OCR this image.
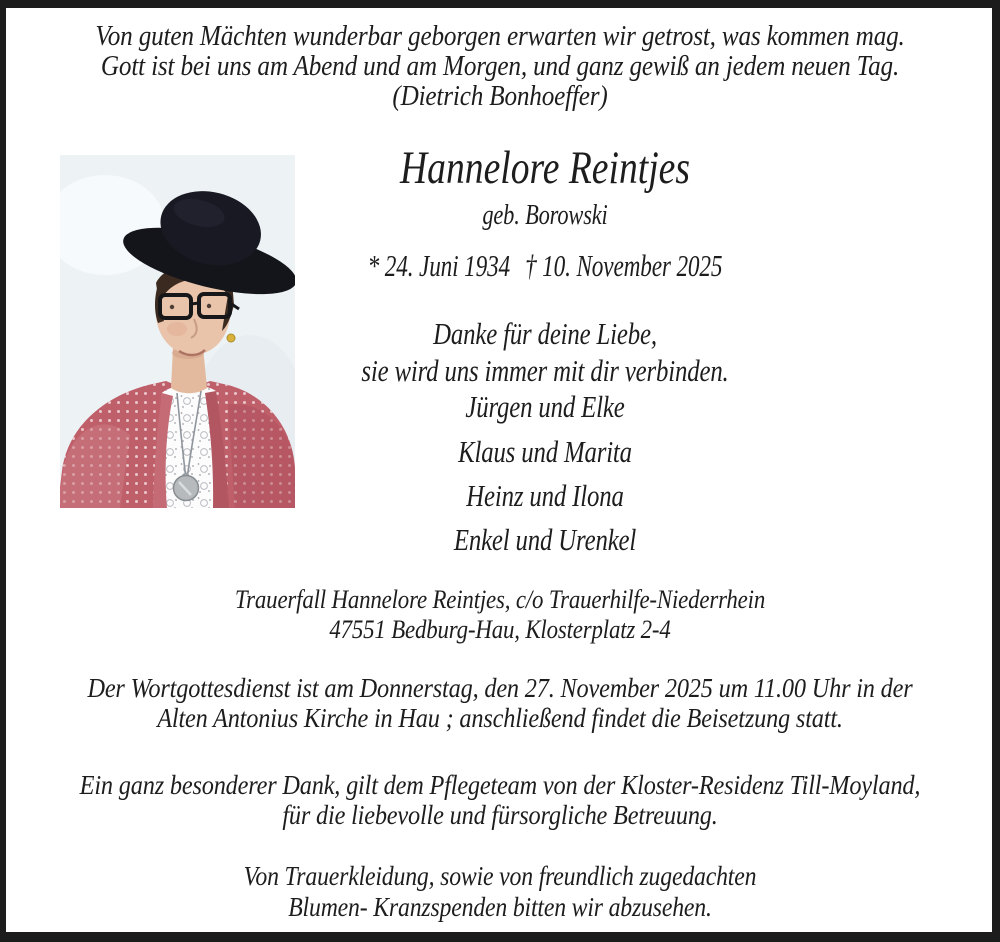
Von guten Mächten wunderbar geborgen erwarten wir getrost, was kommen mag.
Gott ist bei uns am Abend und am Morgen, und ganz gewiß an jedem neuen Tag.
(Dietrich Bonhoeffer)
Hannelore Reintjes
geb. Borowski
* 24. Juni 1934 † 10. November 2025
Danke für deine Liebe,
sie wird uns immer mit dir verbinden.
Jürgen und Elke
Klaus und Marita
Heinz und Ilona
Enkel und Urenkel
Trauerfall Hannelore Reintjes, c/o Trauerhilfe-Niederrhein
47551 Bedburg-Hau, Klosterplatz 2-4
Der Wortgottesdienst ist am Donnerstag, den 27. November 2025 um 11.00 Uhr in der
Alten Antonius Kirche in Hau ; anschließend findet die Beisetzung statt.
Ein ganz besonderer Dank, gilt dem Pflegeteam von der Kloster-Residenz Till-Moyland,
für die liebevolle und fürsorgliche Betreuung.
Von Trauerkleidung, sowie von freundlich zugedachten
Blumen- Kranzspenden bitten wir abzusehen.
